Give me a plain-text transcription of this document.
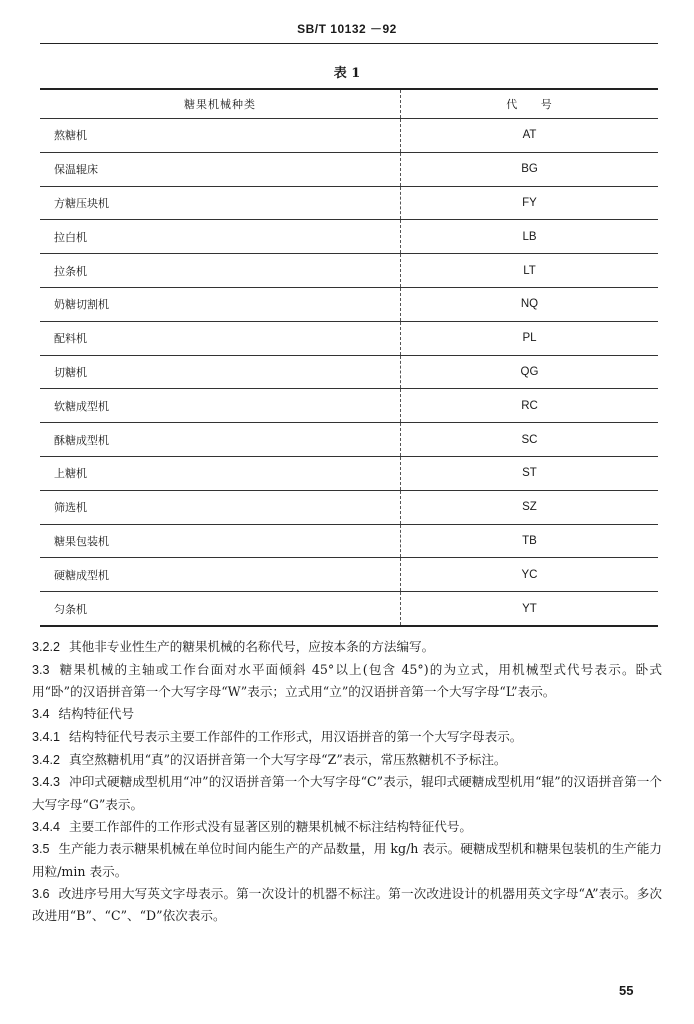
SB/T 10132 －92
表 1
糖果机械种类	代 号
熬糖机	AT
保温辊床	BG
方糖压块机	FY
拉白机	LB
拉条机	LT
奶糖切割机	NQ
配料机	PL
切糖机	QG
软糖成型机	RC
酥糖成型机	SC
上糖机	ST
筛选机	SZ
糖果包装机	TB
硬糖成型机	YC
匀条机	YT

3.2.2 其他非专业性生产的糖果机械的名称代号，应按本条的方法编写。

3.3 糖果机械的主轴或工作台面对水平面倾斜 45°以上(包含 45°)的为立式，用机械型式代号表示。卧式用“卧”的汉语拼音第一个大写字母“W”表示；立式用“立”的汉语拼音第一个大写字母“L”表示。

3.4 结构特征代号

3.4.1 结构特征代号表示主要工作部件的工作形式，用汉语拼音的第一个大写字母表示。

3.4.2 真空熬糖机用“真”的汉语拼音第一个大写字母“Z”表示，常压熬糖机不予标注。

3.4.3 冲印式硬糖成型机用“冲”的汉语拼音第一个大写字母“C”表示，辊印式硬糖成型机用“辊”的汉语拼音第一个大写字母“G”表示。

3.4.4 主要工作部件的工作形式没有显著区别的糖果机械不标注结构特征代号。

3.5 生产能力表示糖果机械在单位时间内能生产的产品数量，用 kg/h 表示。硬糖成型机和糖果包装机的生产能力用粒/min 表示。

3.6 改进序号用大写英文字母表示。第一次设计的机器不标注。第一次改进设计的机器用英文字母“A”表示。多次改进用“B”、“C”、“D”依次表示。

55
